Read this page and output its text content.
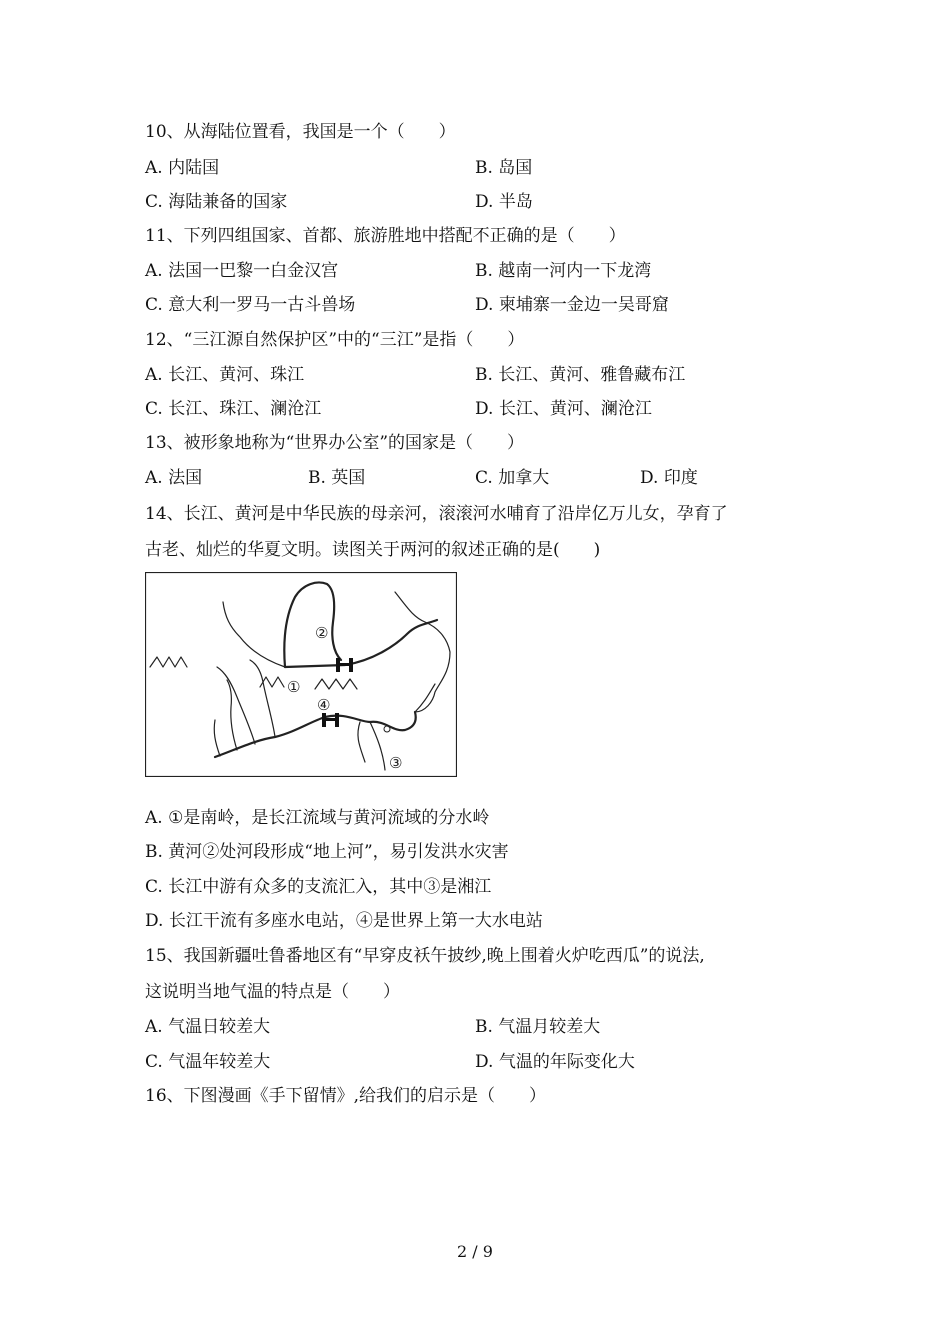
10、从海陆位置看，我国是一个（　　）
A. 内陆国	B. 岛国
C. 海陆兼备的国家	D. 半岛
11、下列四组国家、首都、旅游胜地中搭配不正确的是（　　）
A. 法国一巴黎一白金汉宫	B. 越南一河内一下龙湾
C. 意大利一罗马一古斗兽场	D. 柬埔寨一金边一吴哥窟
12、“三江源自然保护区”中的“三江”是指（　　）
A. 长江、黄河、珠江	B. 长江、黄河、雅鲁藏布江
C. 长江、珠江、澜沧江	D. 长江、黄河、澜沧江
13、被形象地称为“世界办公室”的国家是（　　）
A. 法国	B. 英国	C. 加拿大	D. 印度
14、长江、黄河是中华民族的母亲河，滚滚河水哺育了沿岸亿万儿女，孕育了
古老、灿烂的华夏文明。读图关于两河的叙述正确的是(　　)
①
②
③
④
A. ①是南岭，是长江流域与黄河流域的分水岭
B. 黄河②处河段形成“地上河”，易引发洪水灾害
C. 长江中游有众多的支流汇入，其中③是湘江
D. 长江干流有多座水电站，④是世界上第一大水电站
15、我国新疆吐鲁番地区有“早穿皮袄午披纱,晚上围着火炉吃西瓜”的说法,
这说明当地气温的特点是（　　）
A. 气温日较差大	B. 气温月较差大
C. 气温年较差大	D. 气温的年际变化大
16、下图漫画《手下留情》,给我们的启示是（　　）
2 / 9
